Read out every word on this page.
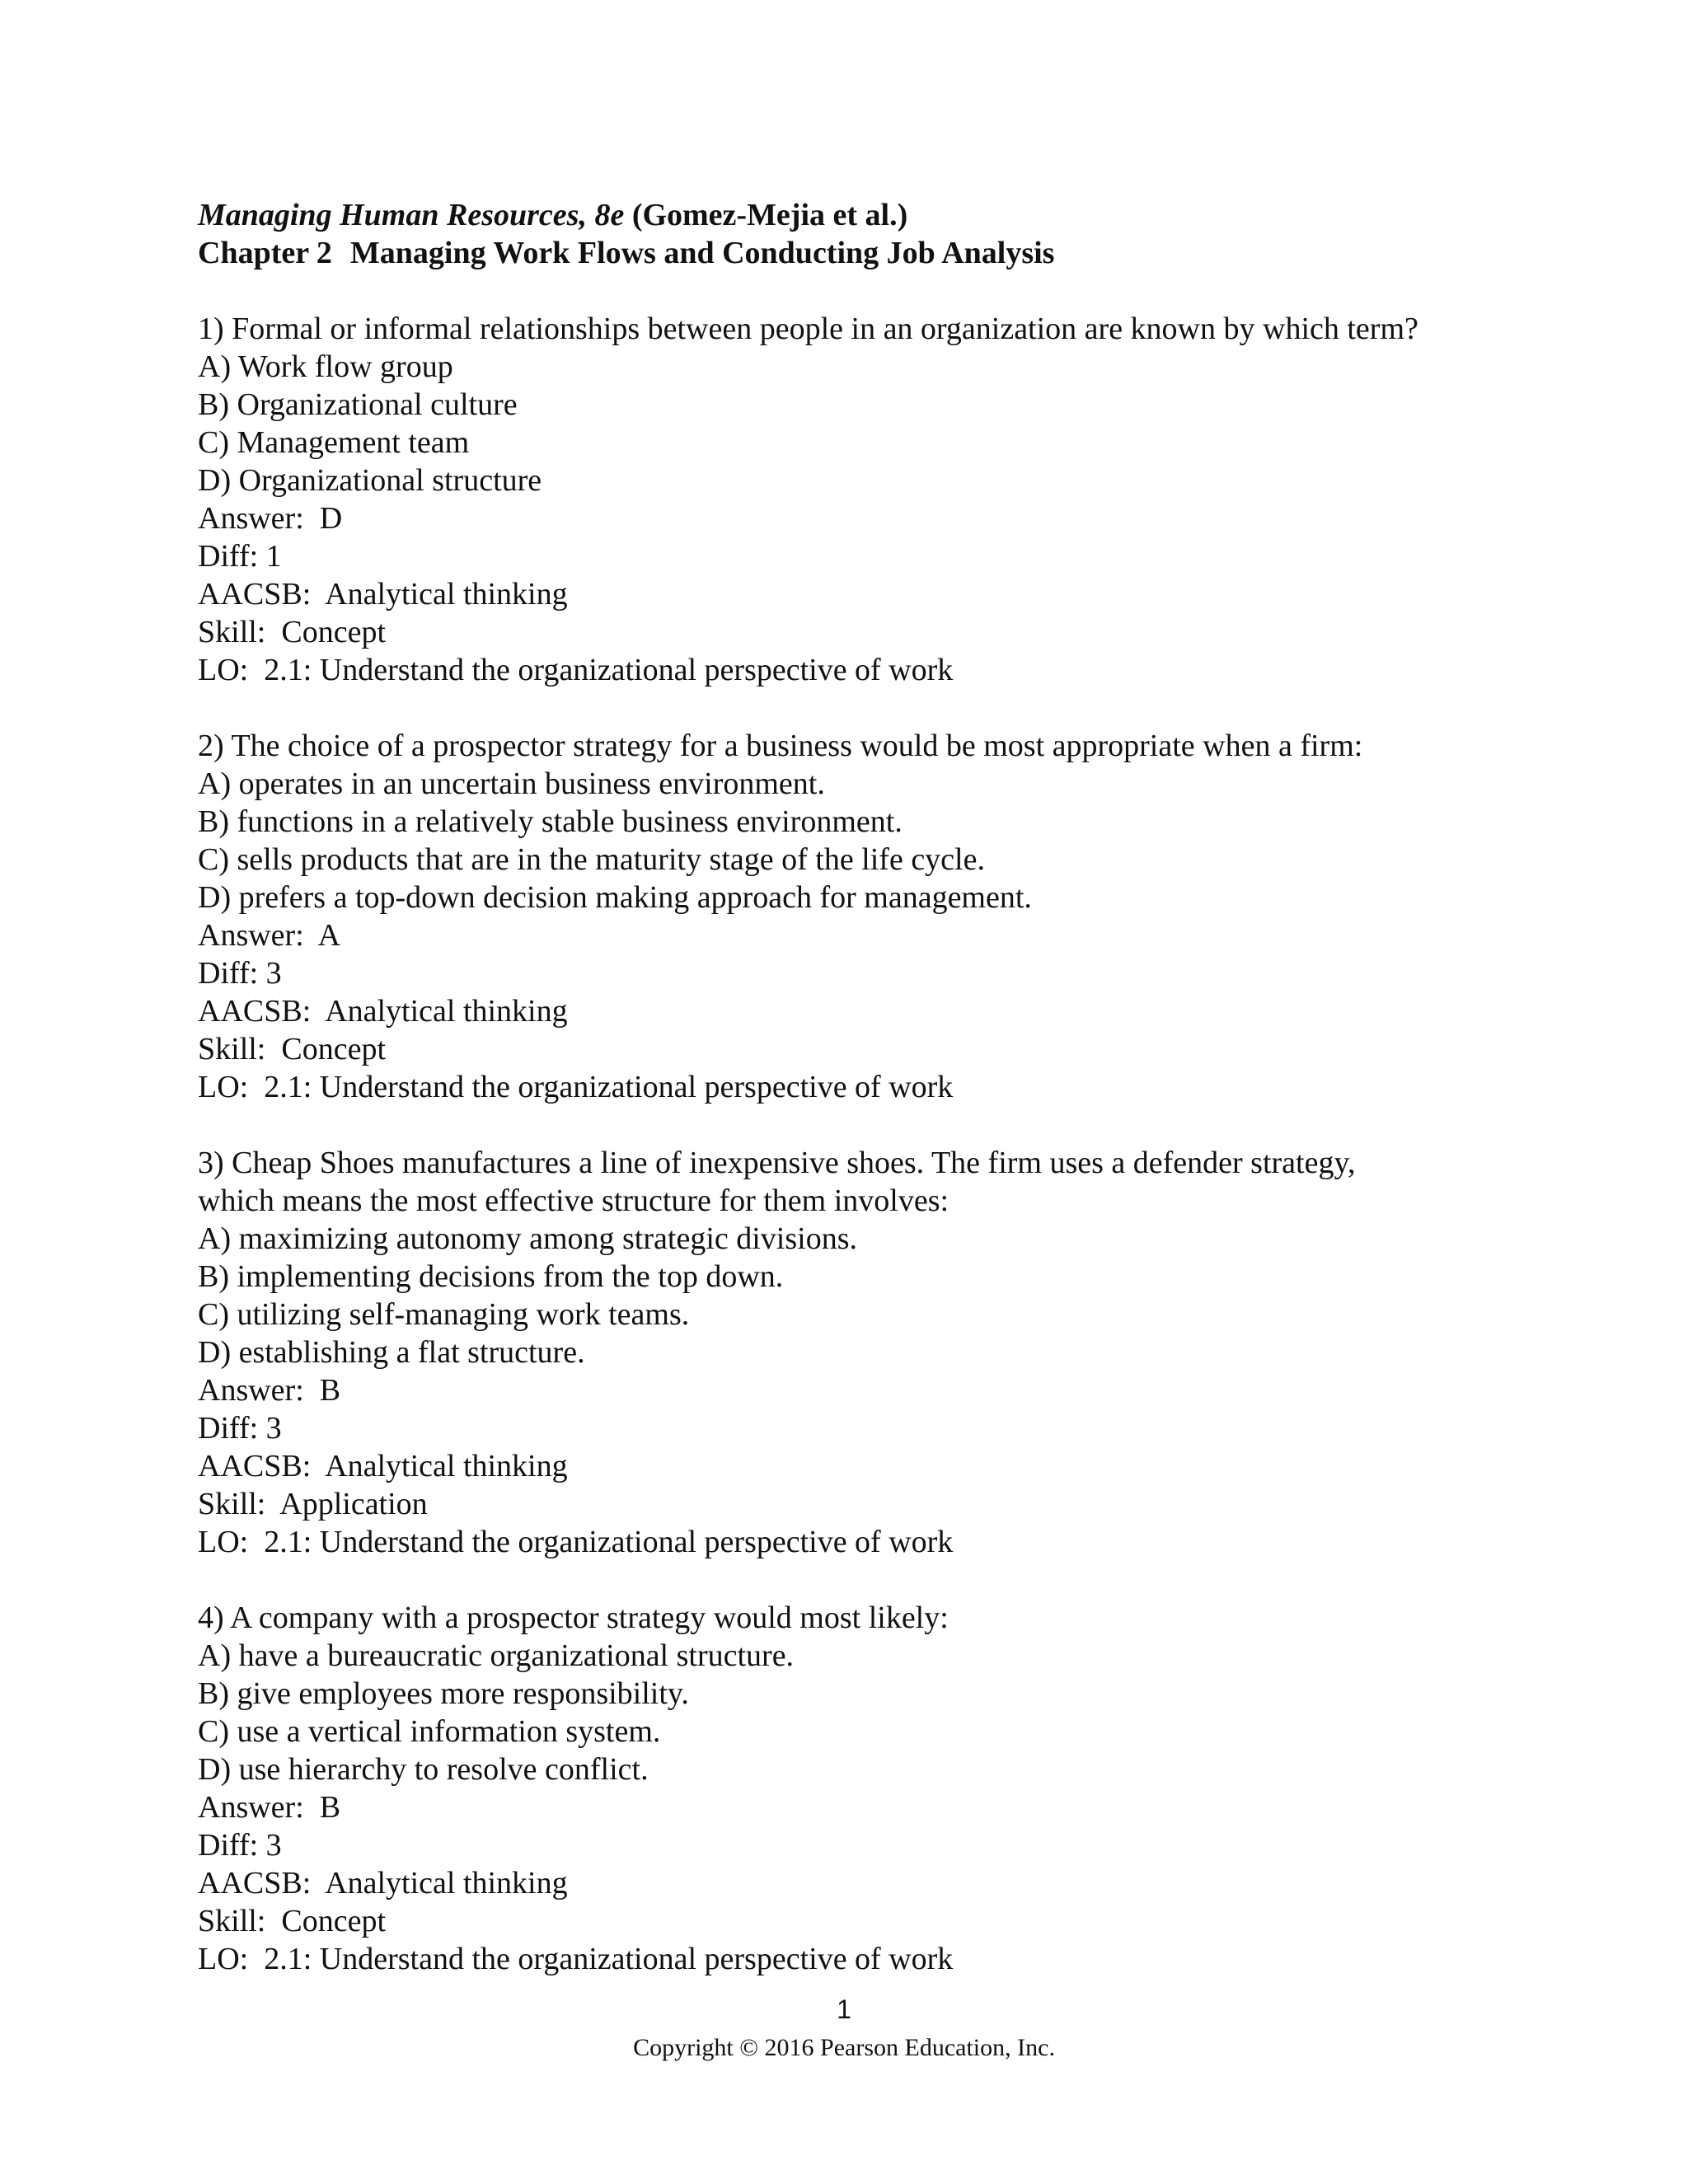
Managing Human Resources, 8e (Gomez-Mejia et al.)
Chapter 2 Managing Work Flows and Conducting Job Analysis
1) Formal or informal relationships between people in an organization are known by which term?
A) Work flow group
B) Organizational culture
C) Management team
D) Organizational structure
Answer:  D
Diff: 1
AACSB:  Analytical thinking
Skill:  Concept
LO:  2.1: Understand the organizational perspective of work
2) The choice of a prospector strategy for a business would be most appropriate when a firm:
A) operates in an uncertain business environment.
B) functions in a relatively stable business environment.
C) sells products that are in the maturity stage of the life cycle.
D) prefers a top-down decision making approach for management.
Answer:  A
Diff: 3
AACSB:  Analytical thinking
Skill:  Concept
LO:  2.1: Understand the organizational perspective of work
3) Cheap Shoes manufactures a line of inexpensive shoes. The firm uses a defender strategy,
which means the most effective structure for them involves:
A) maximizing autonomy among strategic divisions.
B) implementing decisions from the top down.
C) utilizing self-managing work teams.
D) establishing a flat structure.
Answer:  B
Diff: 3
AACSB:  Analytical thinking
Skill:  Application
LO:  2.1: Understand the organizational perspective of work
4) A company with a prospector strategy would most likely:
A) have a bureaucratic organizational structure.
B) give employees more responsibility.
C) use a vertical information system.
D) use hierarchy to resolve conflict.
Answer:  B
Diff: 3
AACSB:  Analytical thinking
Skill:  Concept
LO:  2.1: Understand the organizational perspective of work
1
Copyright © 2016 Pearson Education, Inc.
